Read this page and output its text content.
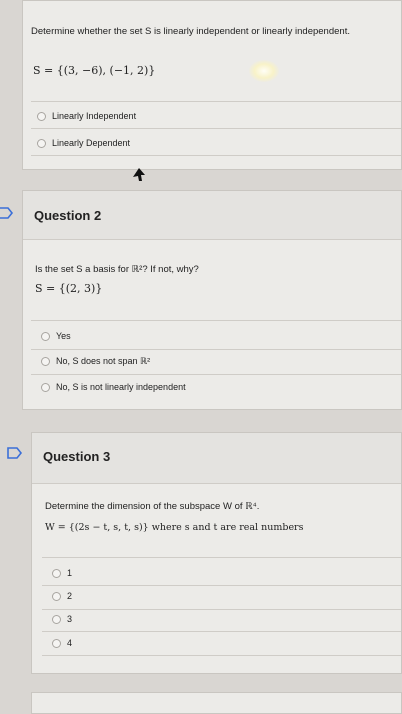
Determine whether the set S is linearly independent or linearly independent.
S = {(3, −6), (−1, 2)}
Linearly Independent
Linearly Dependent
Question 2
Is the set S a basis for ℝ²? If not, why?
S = {(2, 3)}
Yes
No, S does not span ℝ²
No, S is not linearly independent
Question 3
Determine the dimension of the subspace W of ℝ⁴.
W = {(2s − t, s, t, s)} where s and t are real numbers
1
2
3
4
